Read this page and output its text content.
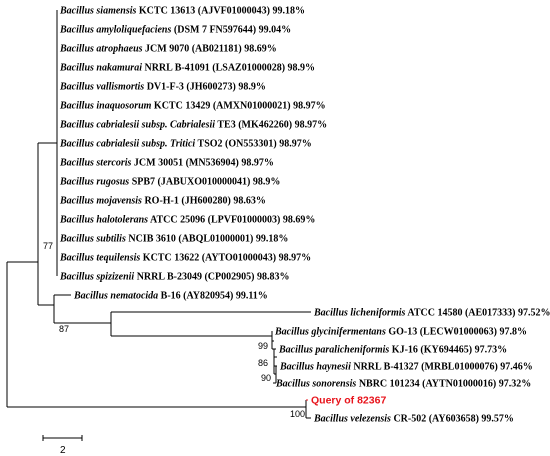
Bacillus siamensis KCTC 13613 (AJVF01000043) 99.18%
Bacillus amyloliquefaciens (DSM 7 FN597644) 99.04%
Bacillus atrophaeus JCM 9070 (AB021181) 98.69%
Bacillus nakamurai NRRL B-41091 (LSAZ01000028) 98.9%
Bacillus vallismortis DV1-F-3 (JH600273) 98.9%
Bacillus inaquosorum KCTC 13429 (AMXN01000021) 98.97%
Bacillus cabrialesii subsp. Cabrialesii TE3 (MK462260) 98.97%
Bacillus cabrialesii subsp. Tritici TSO2 (ON553301) 98.97%
Bacillus stercoris JCM 30051 (MN536904) 98.97%
Bacillus rugosus SPB7 (JABUXO010000041) 98.9%
Bacillus mojavensis RO-H-1 (JH600280) 98.63%
Bacillus halotolerans ATCC 25096 (LPVF01000003) 98.69%
Bacillus subtilis NCIB 3610 (ABQL01000001) 99.18%
Bacillus tequilensis KCTC 13622 (AYTO01000043) 98.97%
Bacillus spizizenii NRRL B-23049 (CP002905) 98.83%
Bacillus nematocida B-16 (AY820954) 99.11%
Bacillus licheniformis ATCC 14580 (AE017333) 97.52%
Bacillus glycinifermentans GO-13 (LECW01000063) 97.8%
Bacillus paralicheniformis KJ-16 (KY694465) 97.73%
Bacillus haynesii NRRL B-41327 (MRBL01000076) 97.46%
Bacillus sonorensis NBRC 101234 (AYTN01000016) 97.32%
Query of 82367
Bacillus velezensis CR-502 (AY603658) 99.57%
77
87
99
86
90
100
2
